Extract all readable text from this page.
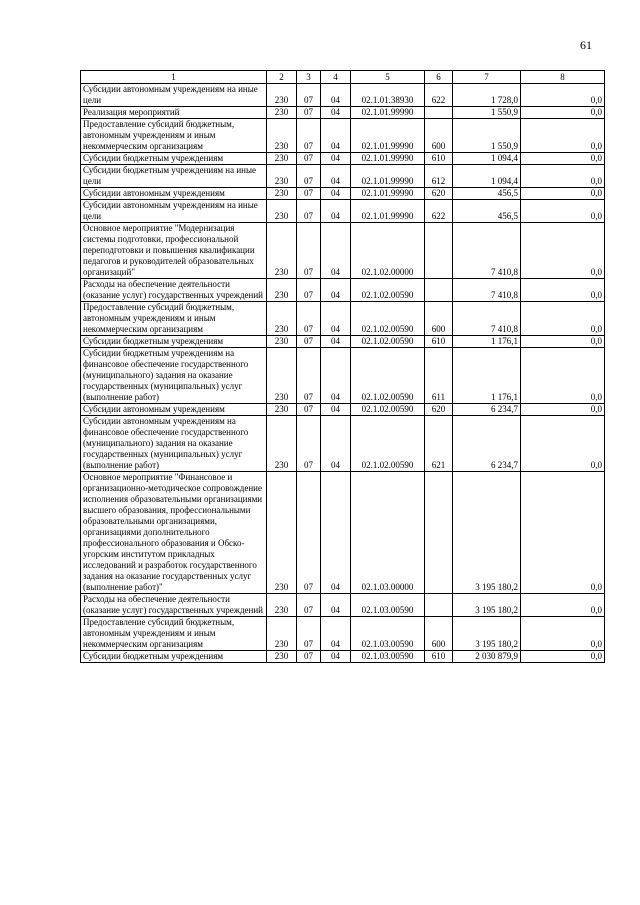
61
1	2	3	4	5	6	7	8
Субсидии автономным учреждениям на иные цели	230	07	04	02.1.01.38930	622	1 728,0	0,0
Реализация мероприятий	230	07	04	02.1.01.99990		1 550,9	0,0
Предоставление субсидий бюджетным, автономным учреждениям и иным некоммерческим организациям	230	07	04	02.1.01.99990	600	1 550,9	0,0
Субсидии бюджетным учреждениям	230	07	04	02.1.01.99990	610	1 094,4	0,0
Субсидии бюджетным учреждениям на иные цели	230	07	04	02.1.01.99990	612	1 094,4	0,0
Субсидии автономным учреждениям	230	07	04	02.1.01.99990	620	456,5	0,0
Субсидии автономным учреждениям на иные цели	230	07	04	02.1.01.99990	622	456,5	0,0
Основное мероприятие "Модернизация системы подготовки, профессиональной переподготовки и повышения квалификации педагогов и руководителей образовательных организаций"	230	07	04	02.1.02.00000		7 410,8	0,0
Расходы на обеспечение деятельности (оказание услуг) государственных учреждений	230	07	04	02.1.02.00590		7 410,8	0,0
Предоставление субсидий бюджетным, автономным учреждениям и иным некоммерческим организациям	230	07	04	02.1.02.00590	600	7 410,8	0,0
Субсидии бюджетным учреждениям	230	07	04	02.1.02.00590	610	1 176,1	0,0
Субсидии бюджетным учреждениям на финансовое обеспечение государственного (муниципального) задания на оказание государственных (муниципальных) услуг (выполнение работ)	230	07	04	02.1.02.00590	611	1 176,1	0,0
Субсидии автономным учреждениям	230	07	04	02.1.02.00590	620	6 234,7	0,0
Субсидии автономным учреждениям на финансовое обеспечение государственного (муниципального) задания на оказание государственных (муниципальных) услуг (выполнение работ)	230	07	04	02.1.02.00590	621	6 234,7	0,0
Основное мероприятие "Финансовое и организационно-методическое сопровождение исполнения образовательными организациями высшего образования, профессиональными образовательными организациями, организациями дополнительного профессионального образования и Обско-угорским институтом прикладных исследований и разработок государственного задания на оказание государственных услуг (выполнение работ)"	230	07	04	02.1.03.00000		3 195 180,2	0,0
Расходы на обеспечение деятельности (оказание услуг) государственных учреждений	230	07	04	02.1.03.00590		3 195 180,2	0,0
Предоставление субсидий бюджетным, автономным учреждениям и иным некоммерческим организациям	230	07	04	02.1.03.00590	600	3 195 180,2	0,0
Субсидии бюджетным учреждениям	230	07	04	02.1.03.00590	610	2 030 879,9	0,0
